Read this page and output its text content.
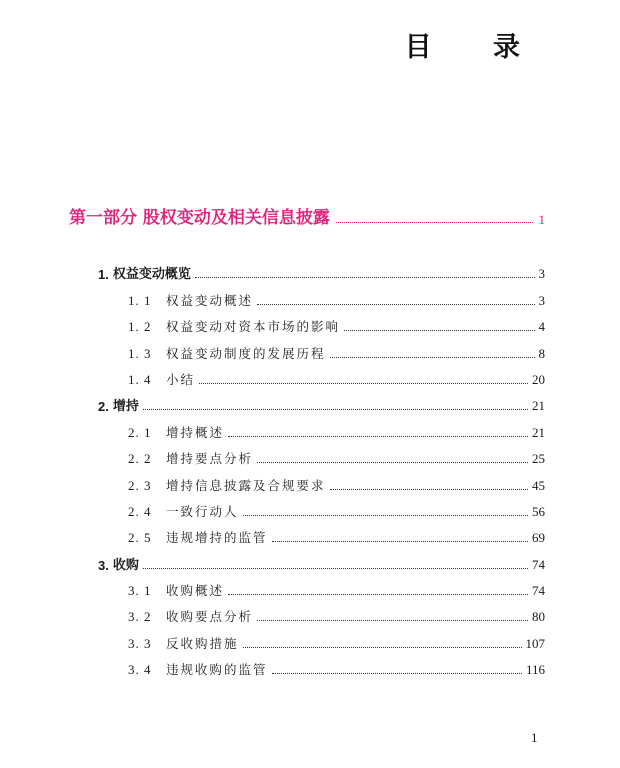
目 录
第一部分 股权变动及相关信息披露	1
1. 权益变动概览	3
1. 1	权益变动概述	3
1. 2	权益变动对资本市场的影响	4
1. 3	权益变动制度的发展历程	8
1. 4	小结	20
2. 增持	21
2. 1	增持概述	21
2. 2	增持要点分析	25
2. 3	增持信息披露及合规要求	45
2. 4	一致行动人	56
2. 5	违规增持的监管	69
3. 收购	74
3. 1	收购概述	74
3. 2	收购要点分析	80
3. 3	反收购措施	107
3. 4	违规收购的监管	116
1
